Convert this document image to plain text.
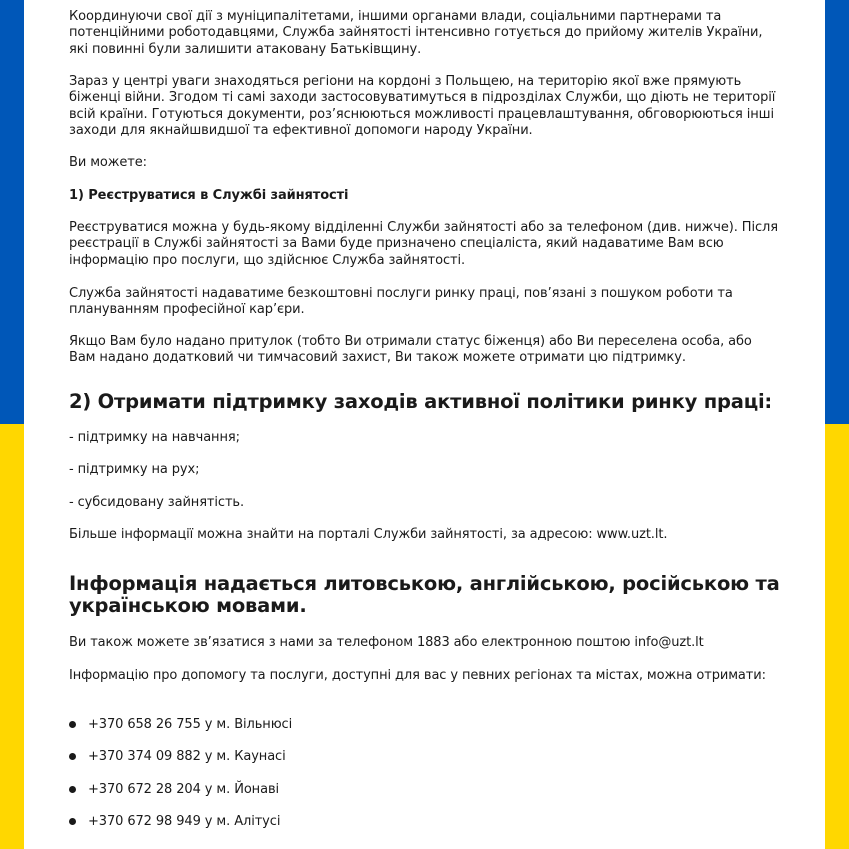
Координуючи свої дії з муніципалітетами, іншими органами влади, соціальними партнерами та потенційними роботодавцями, Служба зайнятості інтенсивно готується до прийому жителів України, які повинні були залишити атаковану Батьківщину.

Зараз у центрі уваги знаходяться регіони на кордоні з Польщею, на територію якої вже прямують біженці війни. Згодом ті самі заходи застосовуватимуться в підрозділах Служби, що діють не території всій країни. Готуються документи, роз’яснюються можливості працевлаштування, обговорюються інші заходи для якнайшвидшої та ефективної допомоги народу України.

Ви можете:

1) Реєструватися в Службі зайнятості

Реєструватися можна у будь-якому відділенні Служби зайнятості або за телефоном (див. нижче). Після реєстрації в Службі зайнятості за Вами буде призначено спеціаліста, який надаватиме Вам всю інформацію про послуги, що здійснює Служба зайнятості.

Служба зайнятості надаватиме безкоштовні послуги ринку праці, пов’язані з пошуком роботи та плануванням професійної кар’єри.

Якщо Вам було надано притулок (тобто Ви отримали статус біженця) або Ви переселена особа, або Вам надано додатковий чи тимчасовий захист, Ви також можете отримати цю підтримку.

2) Отримати підтримку заходів активної політики ринку праці:

- підтримку на навчання;

- підтримку на рух;

- субсидовану зайнятість.

Більше інформації можна знайти на порталі Служби зайнятості, за адресою: www.uzt.lt.

Інформація надається литовською, англійською, російською та українською мовами.

Ви також можете зв’язатися з нами за телефоном 1883 або електронною поштою info@uzt.lt

Інформацію про допомогу та послуги, доступні для вас у певних регіонах та містах, можна отримати:

+370 658 26 755 у м. Вільнюсі
+370 374 09 882 у м. Каунасі
+370 672 28 204 у м. Йонаві
+370 672 98 949 у м. Алітусі
